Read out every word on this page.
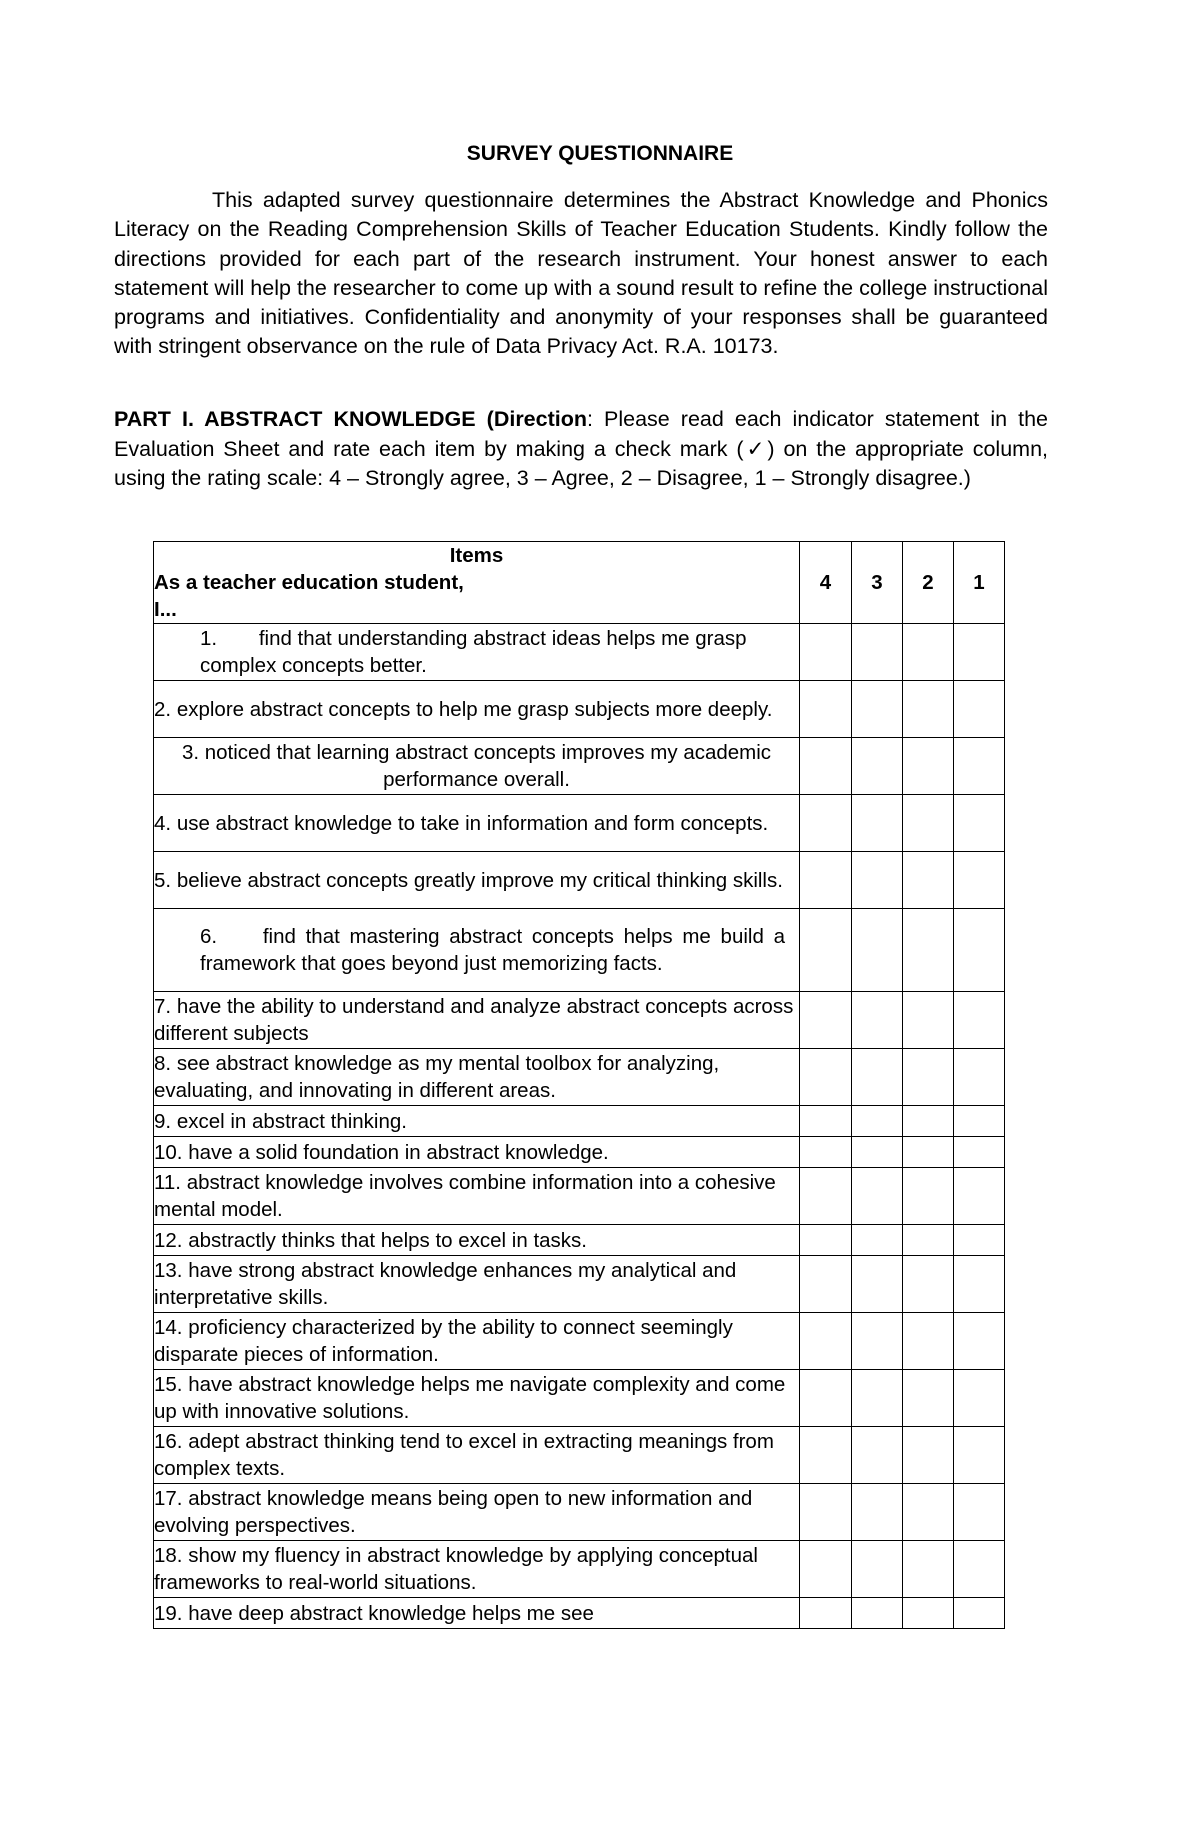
SURVEY QUESTIONNAIRE

This adapted survey questionnaire determines the Abstract Knowledge and Phonics Literacy on the Reading Comprehension Skills of Teacher Education Students. Kindly follow the directions provided for each part of the research instrument. Your honest answer to each statement will help the researcher to come up with a sound result to refine the college instructional programs and initiatives. Confidentiality and anonymity of your responses shall be guaranteed with stringent observance on the rule of Data Privacy Act. R.A. 10173.

PART I. ABSTRACT KNOWLEDGE (Direction: Please read each indicator statement in the Evaluation Sheet and rate each item by making a check mark (✓) on the appropriate column, using the rating scale: 4 – Strongly agree, 3 – Agree, 2 – Disagree, 1 – Strongly disagree.)

Items
As a teacher education student,
I...	4	3	2	1
1. find that understanding abstract ideas helps me grasp complex concepts better.				
2. explore abstract concepts to help me grasp subjects more deeply.				
3. noticed that learning abstract concepts improves my academic performance overall.				
4. use abstract knowledge to take in information and form concepts.				
5. believe abstract concepts greatly improve my critical thinking skills.				
6. find that mastering abstract concepts helps me build a framework that goes beyond just memorizing facts.				
7. have the ability to understand and analyze abstract concepts across different subjects				
8. see abstract knowledge as my mental toolbox for analyzing, evaluating, and innovating in different areas.				
9. excel in abstract thinking.				
10. have a solid foundation in abstract knowledge.				
11. abstract knowledge involves combine information into a cohesive mental model.				
12. abstractly thinks that helps to excel in tasks.				
13. have strong abstract knowledge enhances my analytical and interpretative skills.				
14. proficiency characterized by the ability to connect seemingly disparate pieces of information.				
15. have abstract knowledge helps me navigate complexity and come up with innovative solutions.				
16. adept abstract thinking tend to excel in extracting meanings from complex texts.				
17. abstract knowledge means being open to new information and evolving perspectives.				
18. show my fluency in abstract knowledge by applying conceptual frameworks to real-world situations.				
19. have deep abstract knowledge helps me see				
